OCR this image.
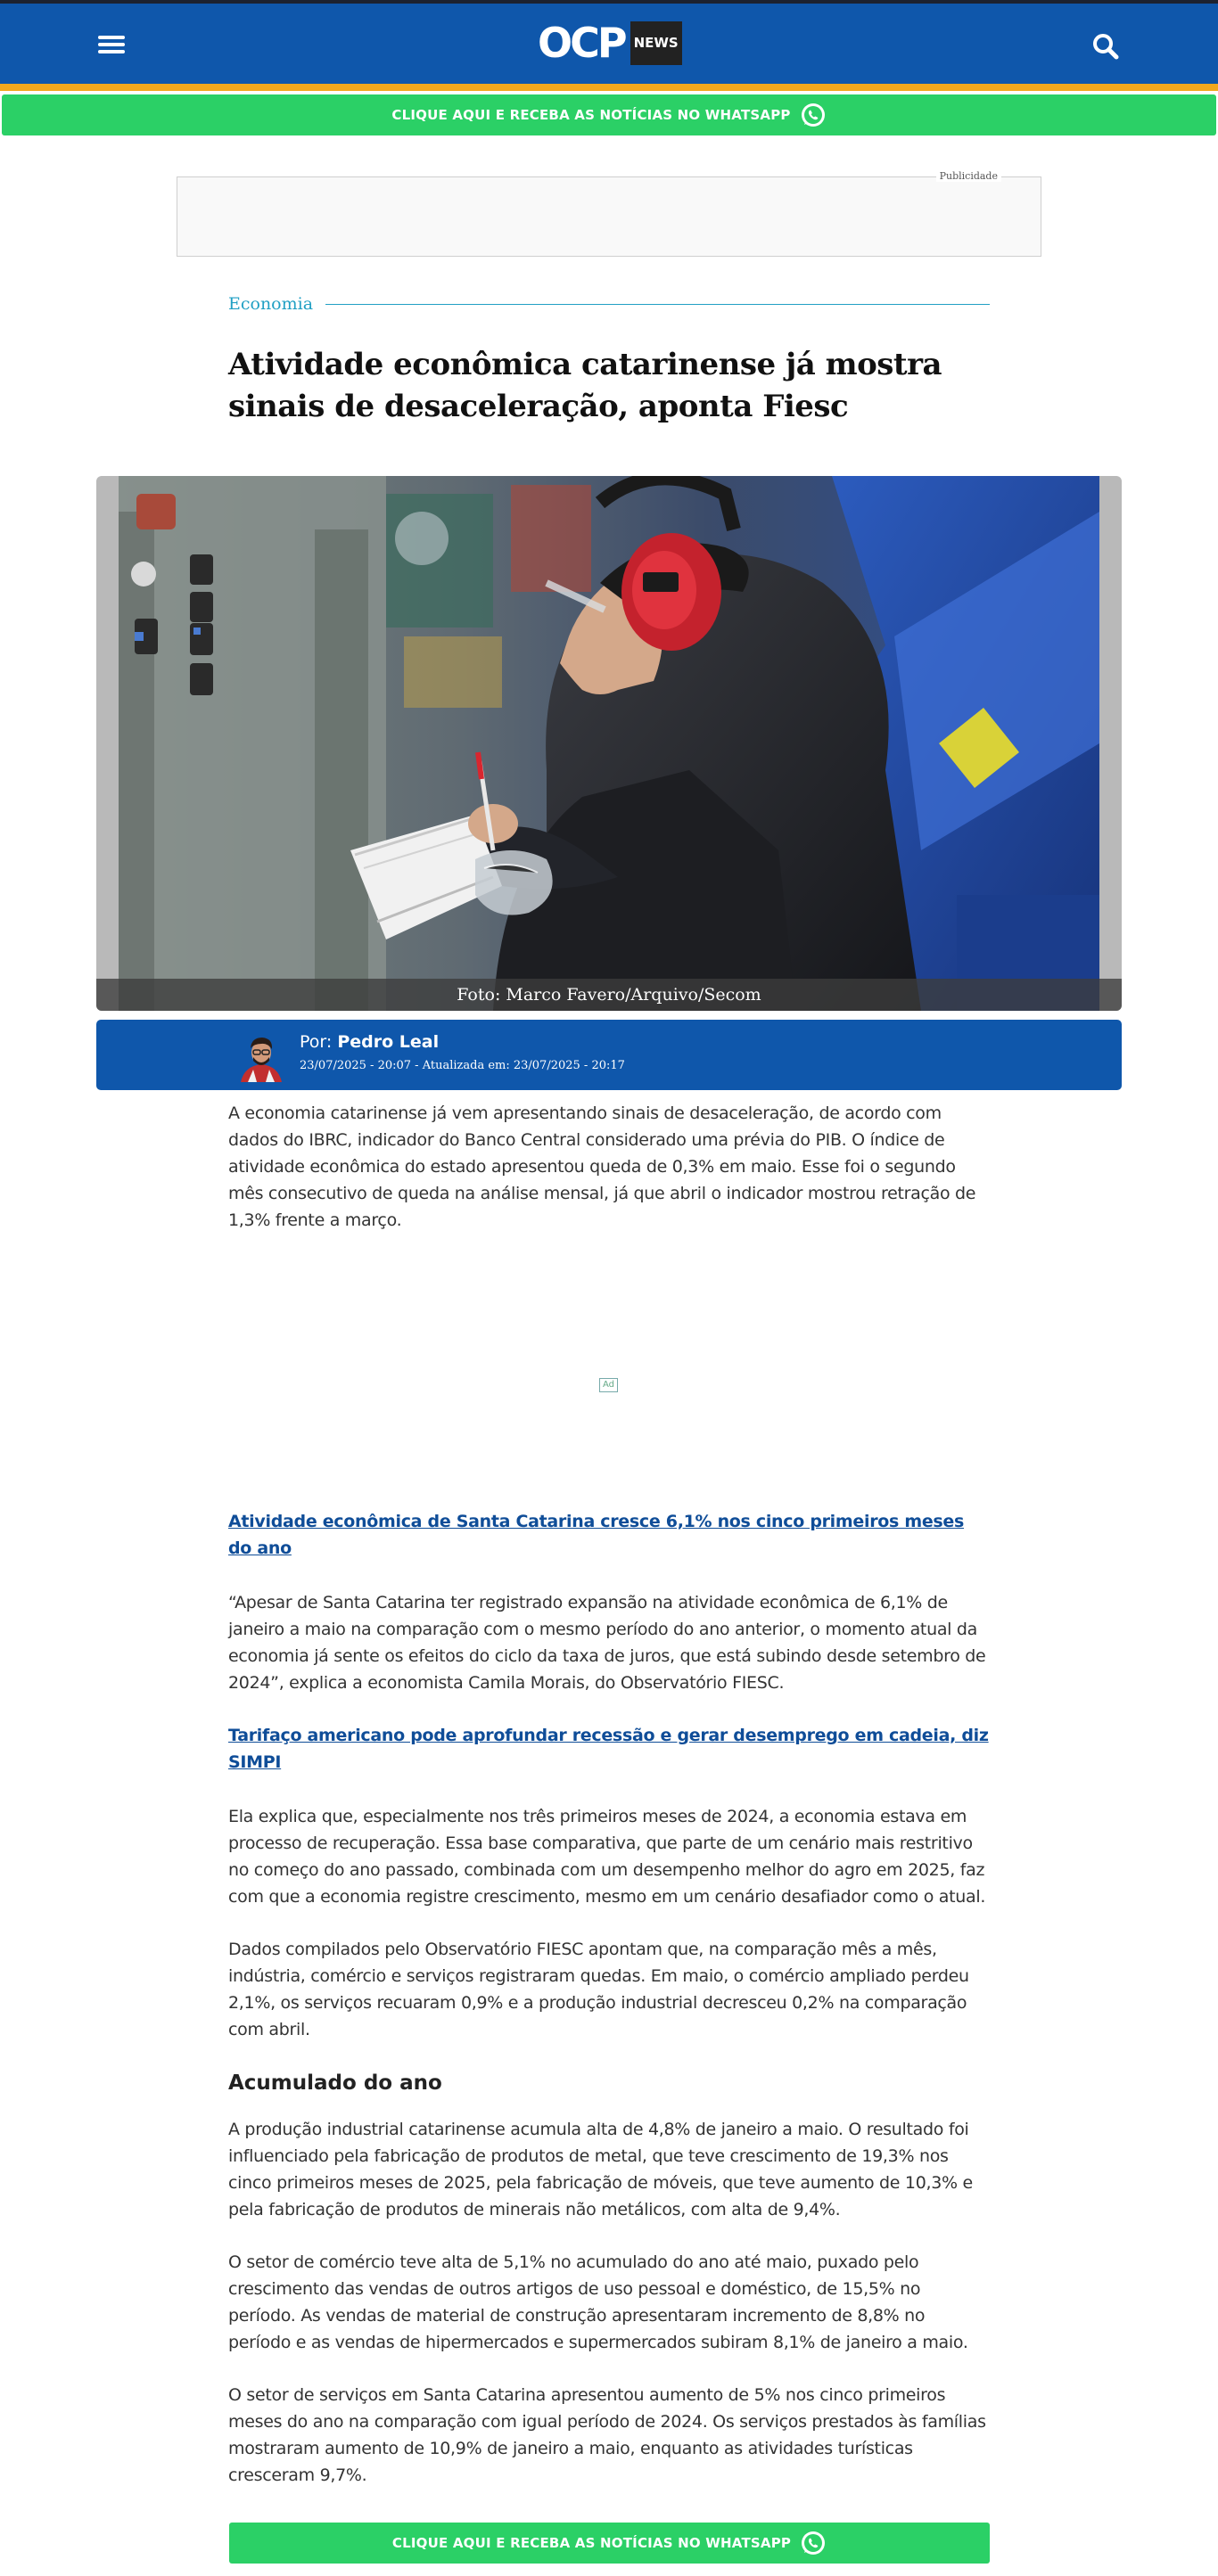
OCP NEWS
CLIQUE AQUI E RECEBA AS NOTÍCIAS NO WHATSAPP
Publicidade
Economia
Atividade econômica catarinense já mostra sinais de desaceleração, aponta Fiesc
Foto: Marco Favero/Arquivo/Secom
Por: Pedro Leal
23/07/2025 - 20:07 - Atualizada em: 23/07/2025 - 20:17

A economia catarinense já vem apresentando sinais de desaceleração, de acordo com dados do IBRC, indicador do Banco Central considerado uma prévia do PIB. O índice de atividade econômica do estado apresentou queda de 0,3% em maio. Esse foi o segundo mês consecutivo de queda na análise mensal, já que abril o indicador mostrou retração de 1,3% frente a março.

Ad

Atividade econômica de Santa Catarina cresce 6,1% nos cinco primeiros meses do ano

“Apesar de Santa Catarina ter registrado expansão na atividade econômica de 6,1% de janeiro a maio na comparação com o mesmo período do ano anterior, o momento atual da economia já sente os efeitos do ciclo da taxa de juros, que está subindo desde setembro de 2024”, explica a economista Camila Morais, do Observatório FIESC.

Tarifaço americano pode aprofundar recessão e gerar desemprego em cadeia, diz SIMPI

Ela explica que, especialmente nos três primeiros meses de 2024, a economia estava em processo de recuperação. Essa base comparativa, que parte de um cenário mais restritivo no começo do ano passado, combinada com um desempenho melhor do agro em 2025, faz com que a economia registre crescimento, mesmo em um cenário desafiador como o atual.

Dados compilados pelo Observatório FIESC apontam que, na comparação mês a mês, indústria, comércio e serviços registraram quedas. Em maio, o comércio ampliado perdeu 2,1%, os serviços recuaram 0,9% e a produção industrial decresceu 0,2% na comparação com abril.

Acumulado do ano

A produção industrial catarinense acumula alta de 4,8% de janeiro a maio. O resultado foi influenciado pela fabricação de produtos de metal, que teve crescimento de 19,3% nos cinco primeiros meses de 2025, pela fabricação de móveis, que teve aumento de 10,3% e pela fabricação de produtos de minerais não metálicos, com alta de 9,4%.

O setor de comércio teve alta de 5,1% no acumulado do ano até maio, puxado pelo crescimento das vendas de outros artigos de uso pessoal e doméstico, de 15,5% no período. As vendas de material de construção apresentaram incremento de 8,8% no período e as vendas de hipermercados e supermercados subiram 8,1% de janeiro a maio.

O setor de serviços em Santa Catarina apresentou aumento de 5% nos cinco primeiros meses do ano na comparação com igual período de 2024. Os serviços prestados às famílias mostraram aumento de 10,9% de janeiro a maio, enquanto as atividades turísticas cresceram 9,7%.

CLIQUE AQUI E RECEBA AS NOTÍCIAS NO WHATSAPP
